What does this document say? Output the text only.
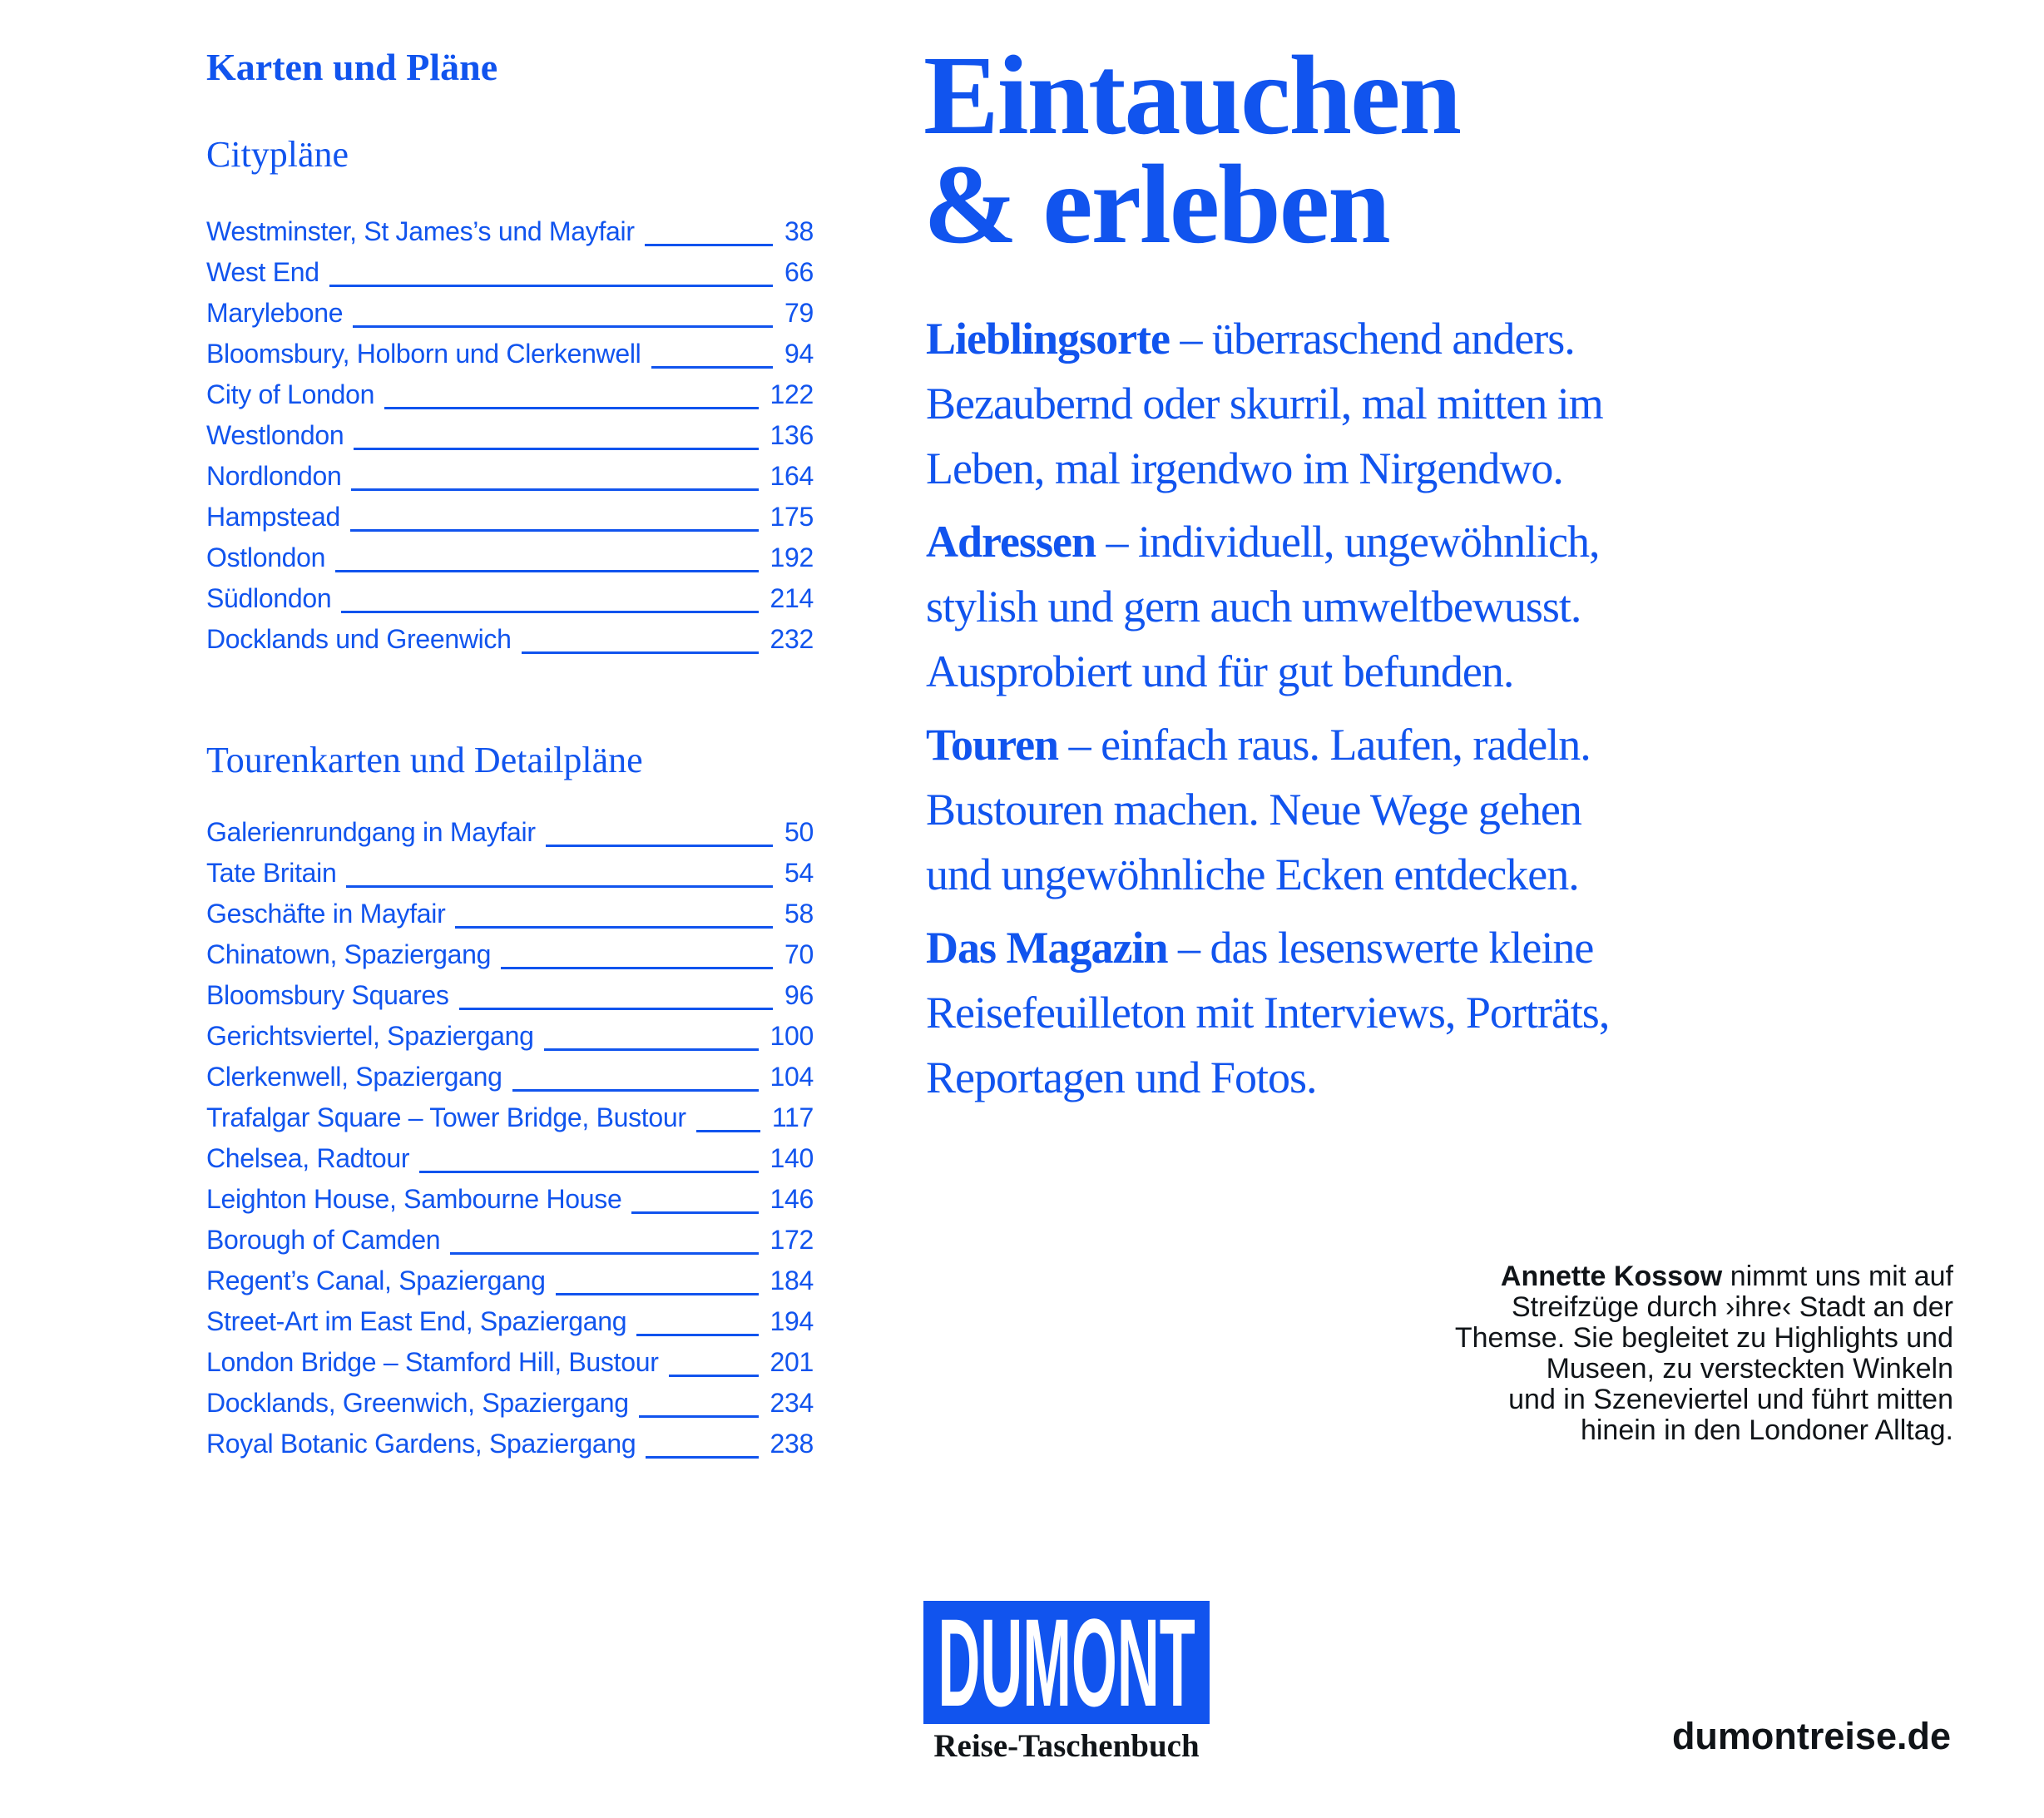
Karten und Pläne
Citypläne
Westminster, St James’s und Mayfair	38
West End	66
Marylebone	79
Bloomsbury, Holborn und Clerkenwell	94
City of London	122
Westlondon	136
Nordlondon	164
Hampstead	175
Ostlondon	192
Südlondon	214
Docklands und Greenwich	232
Tourenkarten und Detailpläne
Galerienrundgang in Mayfair	50
Tate Britain	54
Geschäfte in Mayfair	58
Chinatown, Spaziergang	70
Bloomsbury Squares	96
Gerichtsviertel, Spaziergang	100
Clerkenwell, Spaziergang	104
Trafalgar Square – Tower Bridge, Bustour	117
Chelsea, Radtour	140
Leighton House, Sambourne House	146
Borough of Camden	172
Regent’s Canal, Spaziergang	184
Street-Art im East End, Spaziergang	194
London Bridge – Stamford Hill, Bustour	201
Docklands, Greenwich, Spaziergang	234
Royal Botanic Gardens, Spaziergang	238
Eintauchen
& erleben

Lieblingsorte – überraschend anders.
Bezaubernd oder skurril, mal mitten im
Leben, mal irgendwo im Nirgendwo.

Adressen – individuell, ungewöhnlich,
stylish und gern auch umweltbewusst.
Ausprobiert und für gut befunden.

Touren – einfach raus. Laufen, radeln.
Bustouren machen. Neue Wege gehen
und ungewöhnliche Ecken entdecken.

Das Magazin – das lesenswerte kleine
Reisefeuilleton mit Interviews, Porträts,
Reportagen und Fotos.

Annette Kossow nimmt uns mit auf
Streifzüge durch ›ihre‹ Stadt an der
Themse. Sie begleitet zu Highlights und
Museen, zu versteckten Winkeln
und in Szeneviertel und führt mitten
hinein in den Londoner Alltag.
DUMONT
Reise-Taschenbuch	dumontreise.de
